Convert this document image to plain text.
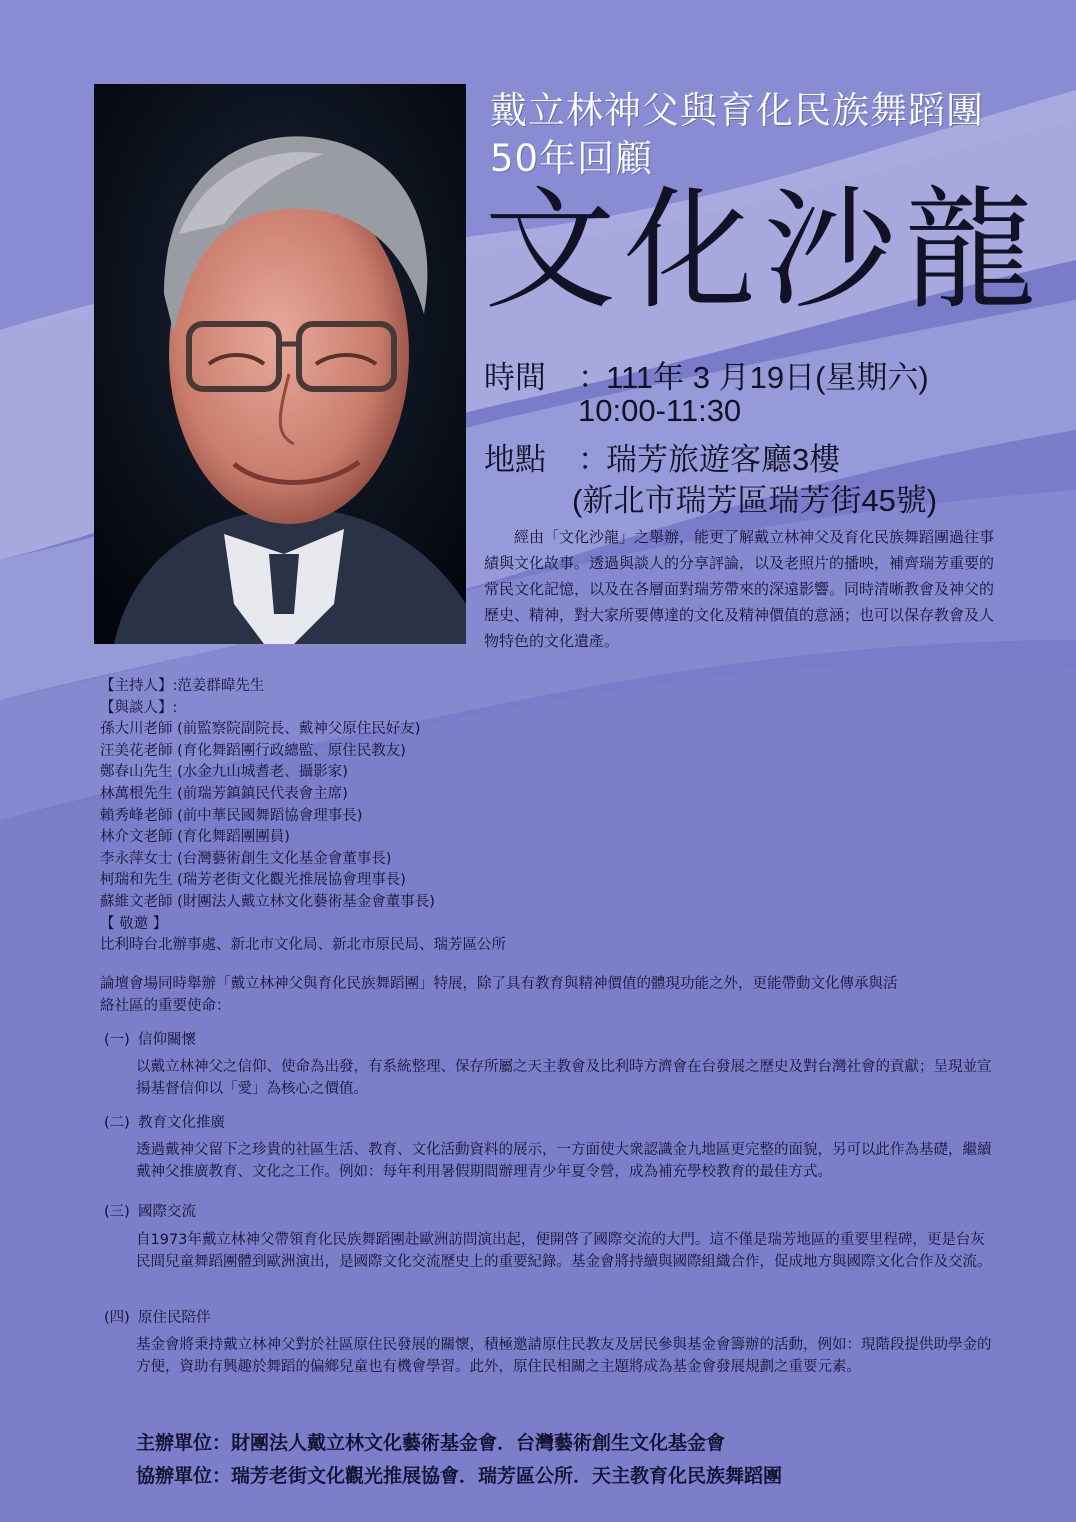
戴立林神父與育化民族舞蹈團
50年回顧
文化沙龍
時間 ：111年 3 月19日(星期六)
10:00-11:30
地點 ：瑞芳旅遊客廳3樓
(新北市瑞芳區瑞芳街45號)
經由「文化沙龍」之舉辦，能更了解戴立林神父及育化民族舞蹈團過往事績與文化故事。透過與談人的分享評論，以及老照片的播映，補齊瑞芳重要的常民文化記憶，以及在各層面對瑞芳帶來的深遠影響。同時清晰教會及神父的歷史、精神，對大家所要傳達的文化及精神價值的意涵；也可以保存教會及人物特色的文化遺產。
【主持人】:范姜群暐先生
【與談人】:
孫大川老師 (前監察院副院長、戴神父原住民好友)
汪美花老師 (育化舞蹈團行政總監、原住民教友)
鄭春山先生 (水金九山城耆老、攝影家)
林萬根先生 (前瑞芳鎮鎮民代表會主席)
賴秀峰老師 (前中華民國舞蹈協會理事長)
林介文老師 (育化舞蹈團團員)
李永萍女士 (台灣藝術創生文化基金會董事長)
柯瑞和先生 (瑞芳老街文化觀光推展協會理事長)
蘇維文老師 (財團法人戴立林文化藝術基金會董事長)
【 敬邀 】
比利時台北辦事處、新北市文化局、新北市原民局、瑞芳區公所
論壇會場同時舉辦「戴立林神父與育化民族舞蹈團」特展，除了具有教育與精神價值的體現功能之外，更能帶動文化傳承與活絡社區的重要使命：
(一) 信仰關懷
以戴立林神父之信仰、使命為出發，有系統整理、保存所屬之天主教會及比利時方濟會在台發展之歷史及對台灣社會的貢獻；呈現並宣揚基督信仰以「愛」為核心之價值。
(二) 教育文化推廣
透過戴神父留下之珍貴的社區生活、教育、文化活動資料的展示，一方面使大衆認識金九地區更完整的面貌，另可以此作為基礎，繼續戴神父推廣教育、文化之工作。例如：每年利用暑假期間辦理青少年夏令營，成為補充學校教育的最佳方式。
(三) 國際交流
自1973年戴立林神父帶領育化民族舞蹈團赴歐洲訪問演出起，便開啓了國際交流的大門。這不僅是瑞芳地區的重要里程碑，更是台灰民間兒童舞蹈團體到歐洲演出，是國際文化交流歷史上的重要紀錄。基金會將持續與國際組織合作，促成地方與國際文化合作及交流。
(四) 原住民陪伴
基金會將秉持戴立林神父對於社區原住民發展的關懷，積極邀請原住民教友及居民參與基金會籌辦的活動，例如：現階段提供助學金的方便，資助有興趣於舞蹈的偏鄉兒童也有機會學習。此外，原住民相關之主題將成為基金會發展規劃之重要元素。
主辦單位：財團法人戴立林文化藝術基金會．台灣藝術創生文化基金會
協辦單位：瑞芳老街文化觀光推展協會．瑞芳區公所．天主教育化民族舞蹈團
